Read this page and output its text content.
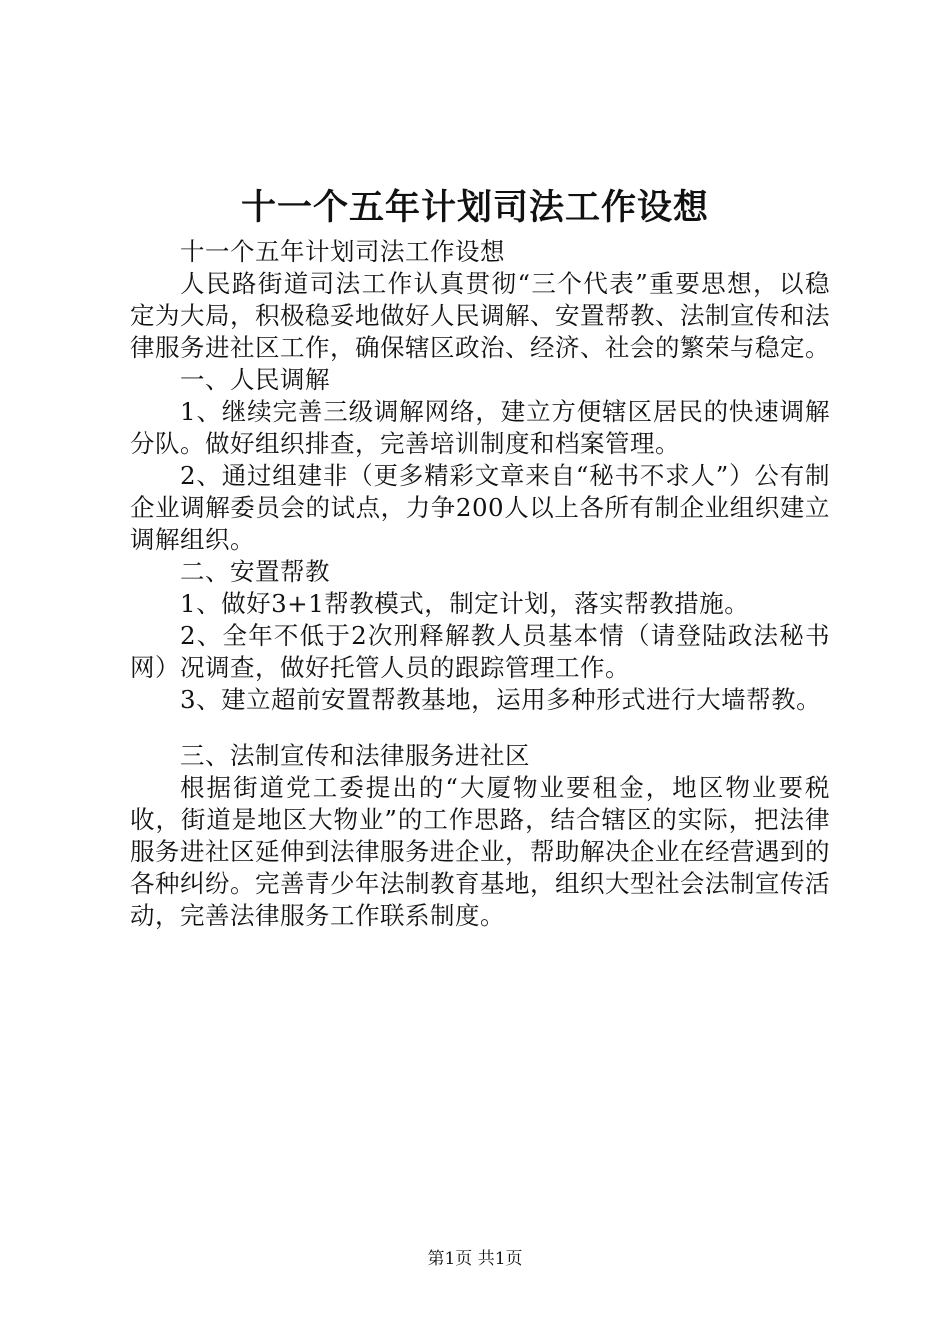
十一个五年计划司法工作设想

十一个五年计划司法工作设想

人民路街道司法工作认真贯彻“三个代表”重要思想，以稳定为大局，积极稳妥地做好人民调解、安置帮教、法制宣传和法律服务进社区工作，确保辖区政治、经济、社会的繁荣与稳定。

一、人民调解

1、继续完善三级调解网络，建立方便辖区居民的快速调解分队。做好组织排查，完善培训制度和档案管理。

2、通过组建非（更多精彩文章来自“秘书不求人”）公有制企业调解委员会的试点，力争200人以上各所有制企业组织建立调解组织。

二、安置帮教

1、做好3+1帮教模式，制定计划，落实帮教措施。

2、全年不低于2次刑释解教人员基本情（请登陆政法秘书网）况调查，做好托管人员的跟踪管理工作。

3、建立超前安置帮教基地，运用多种形式进行大墙帮教。

三、法制宣传和法律服务进社区

根据街道党工委提出的“大厦物业要租金，地区物业要税收，街道是地区大物业”的工作思路，结合辖区的实际，把法律服务进社区延伸到法律服务进企业，帮助解决企业在经营遇到的各种纠纷。完善青少年法制教育基地，组织大型社会法制宣传活动，完善法律服务工作联系制度。

第1页 共1页
